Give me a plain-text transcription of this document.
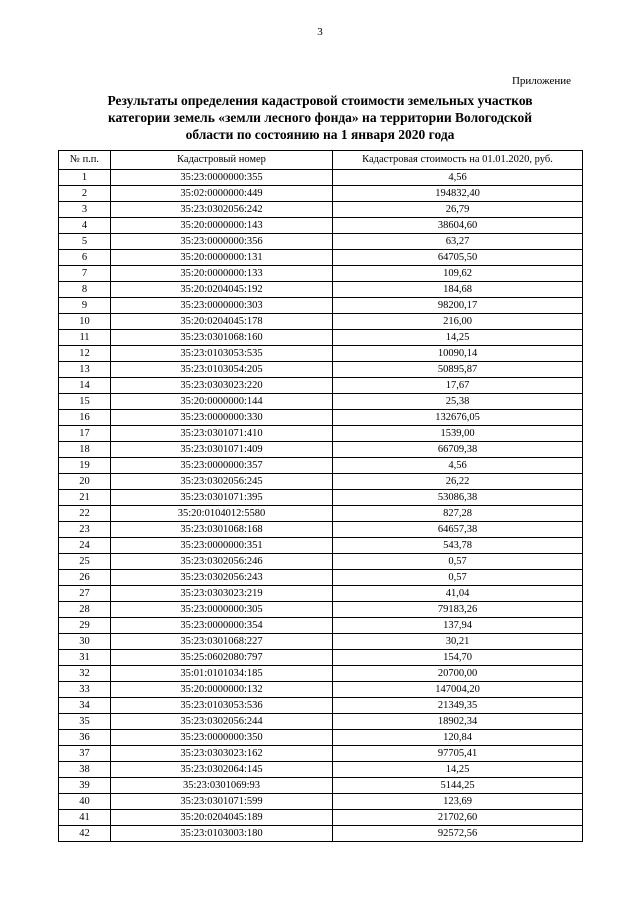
3
Приложение
Результаты определения кадастровой стоимости земельных участков
категории земель «земли лесного фонда» на территории Вологодской
области по состоянию на 1 января 2020 года
№ п.п.	Кадастровый номер	Кадастровая стоимость на 01.01.2020, руб.
1	35:23:0000000:355	4,56
2	35:02:0000000:449	194832,40
3	35:23:0302056:242	26,79
4	35:20:0000000:143	38604,60
5	35:23:0000000:356	63,27
6	35:20:0000000:131	64705,50
7	35:20:0000000:133	109,62
8	35:20:0204045:192	184,68
9	35:23:0000000:303	98200,17
10	35:20:0204045:178	216,00
11	35:23:0301068:160	14,25
12	35:23:0103053:535	10090,14
13	35:23:0103054:205	50895,87
14	35:23:0303023:220	17,67
15	35:20:0000000:144	25,38
16	35:23:0000000:330	132676,05
17	35:23:0301071:410	1539,00
18	35:23:0301071:409	66709,38
19	35:23:0000000:357	4,56
20	35:23:0302056:245	26,22
21	35:23:0301071:395	53086,38
22	35:20:0104012:5580	827,28
23	35:23:0301068:168	64657,38
24	35:23:0000000:351	543,78
25	35:23:0302056:246	0,57
26	35:23:0302056:243	0,57
27	35:23:0303023:219	41,04
28	35:23:0000000:305	79183,26
29	35:23:0000000:354	137,94
30	35:23:0301068:227	30,21
31	35:25:0602080:797	154,70
32	35:01:0101034:185	20700,00
33	35:20:0000000:132	147004,20
34	35:23:0103053:536	21349,35
35	35:23:0302056:244	18902,34
36	35:23:0000000:350	120,84
37	35:23:0303023:162	97705,41
38	35:23:0302064:145	14,25
39	35:23:0301069:93	5144,25
40	35:23:0301071:599	123,69
41	35:20:0204045:189	21702,60
42	35:23:0103003:180	92572,56
